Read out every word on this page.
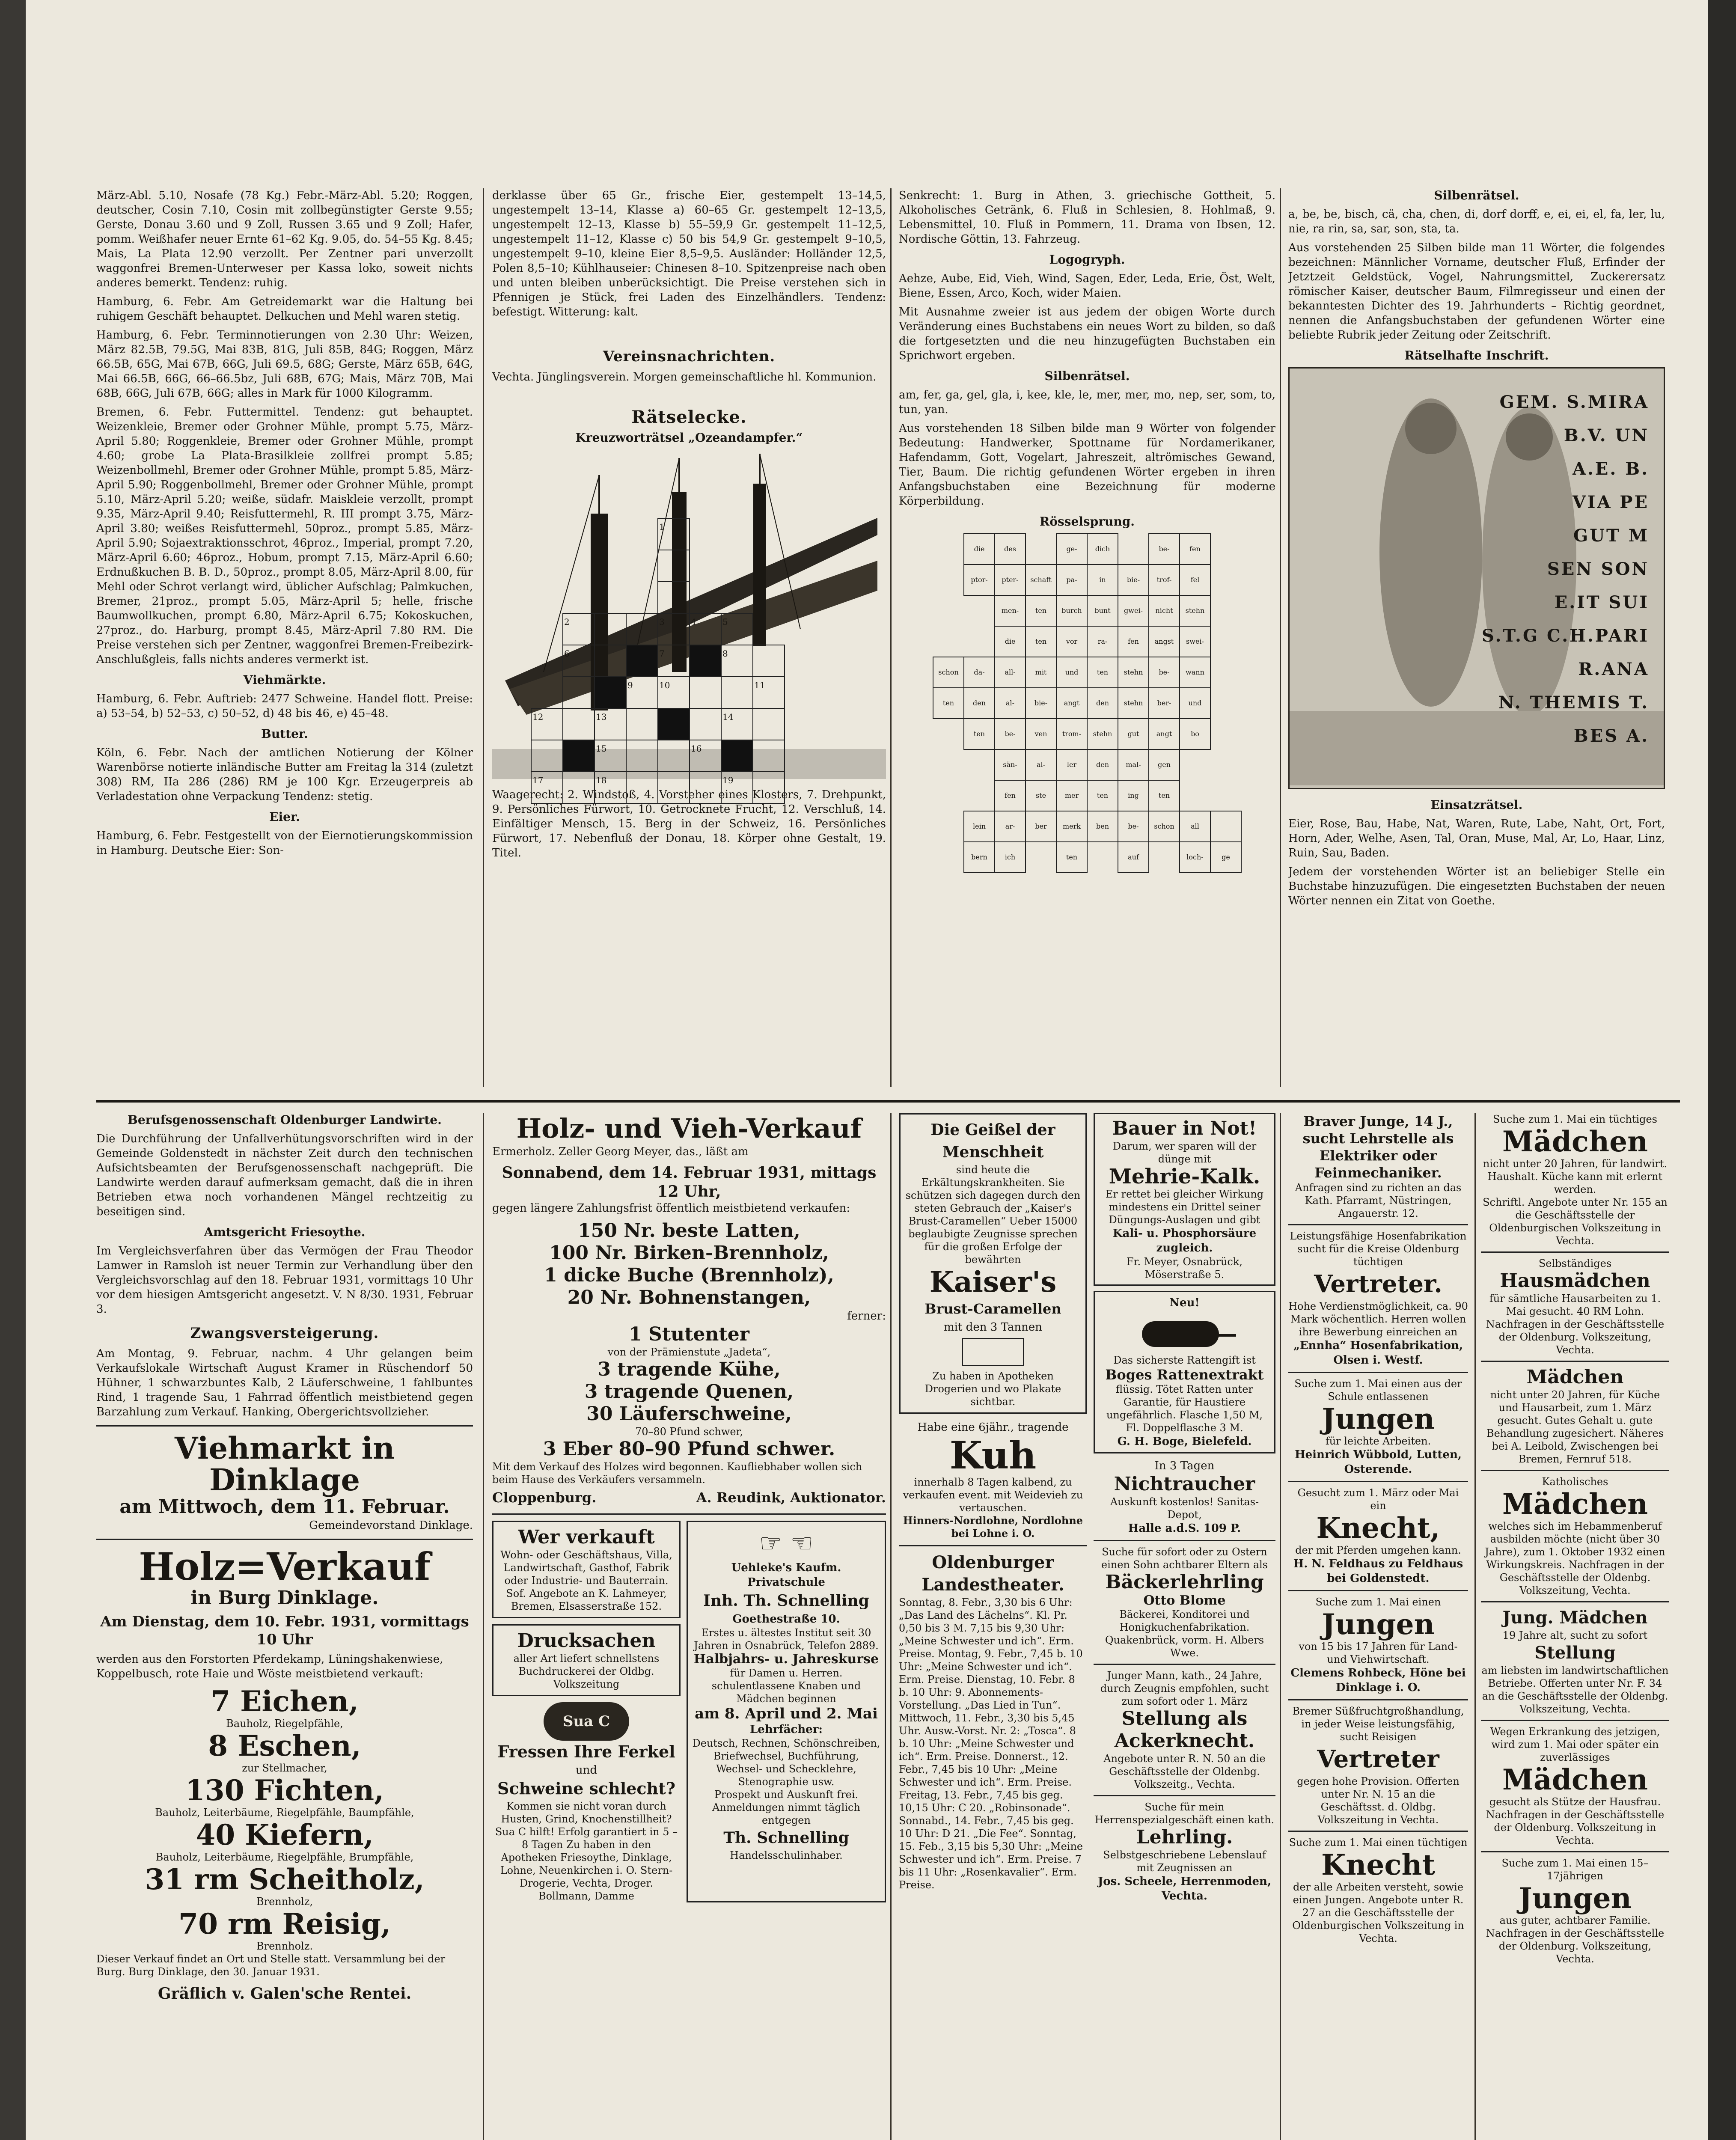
März-Abl. 5.10, Nosafe (78 Kg.) Febr.-März-Abl. 5.20; Roggen, deutscher, Cosin 7.10, Cosin mit zollbegünstigter Gerste 9.55; Gerste, Donau 3.60 und 9 Zoll, Russen 3.65 und 9 Zoll; Hafer, pomm. Weißhafer neuer Ernte 61–62 Kg. 9.05, do. 54–55 Kg. 8.45; Mais, La Plata 12.90 verzollt. Per Zentner pari unverzollt waggonfrei Bremen-Unterweser per Kassa loko, soweit nichts anderes bemerkt. Tendenz: ruhig.

Hamburg, 6. Febr. Am Getreidemarkt war die Haltung bei ruhigem Geschäft behauptet. Delkuchen und Mehl waren stetig.

Hamburg, 6. Febr. Terminnotierungen von 2.30 Uhr: Weizen, März 82.5B, 79.5G, Mai 83B, 81G, Juli 85B, 84G; Roggen, März 66.5B, 65G, Mai 67B, 66G, Juli 69.5, 68G; Gerste, März 65B, 64G, Mai 66.5B, 66G, 66–66.5bz, Juli 68B, 67G; Mais, März 70B, Mai 68B, 66G, Juli 67B, 66G; alles in Mark für 1000 Kilogramm.

Bremen, 6. Febr. Futtermittel. Tendenz: gut behauptet. Weizenkleie, Bremer oder Grohner Mühle, prompt 5.75, März-April 5.80; Roggenkleie, Bremer oder Grohner Mühle, prompt 4.60; grobe La Plata-Brasilkleie zollfrei prompt 5.85; Weizenbollmehl, Bremer oder Grohner Mühle, prompt 5.85, März-April 5.90; Roggenbollmehl, Bremer oder Grohner Mühle, prompt 5.10, März-April 5.20; weiße, südafr. Maiskleie verzollt, prompt 9.35, März-April 9.40; Reisfuttermehl, R. III prompt 3.75, März-April 3.80; weißes Reisfuttermehl, 50proz., prompt 5.85, März-April 5.90; Sojaextraktionsschrot, 46proz., Imperial, prompt 7.20, März-April 6.60; 46proz., Hobum, prompt 7.15, März-April 6.60; Erdnußkuchen B. B. D., 50proz., prompt 8.05, März-April 8.00, für Mehl oder Schrot verlangt wird, üblicher Aufschlag; Palmkuchen, Bremer, 21proz., prompt 5.05, März-April 5; helle, frische Baumwollkuchen, prompt 6.80, März-April 6.75; Kokoskuchen, 27proz., do. Harburg, prompt 8.45, März-April 7.80 RM. Die Preise verstehen sich per Zentner, waggonfrei Bremen-Freibezirk-Anschlußgleis, falls nichts anderes vermerkt ist.

Viehmärkte.

Hamburg, 6. Febr. Auftrieb: 2477 Schweine. Handel flott. Preise: a) 53–54, b) 52–53, c) 50–52, d) 48 bis 46, e) 45–48.

Butter.

Köln, 6. Febr. Nach der amtlichen Notierung der Kölner Warenbörse notierte inländische Butter am Freitag la 314 (zuletzt 308) RM, IIa 286 (286) RM je 100 Kgr. Erzeugerpreis ab Verladestation ohne Verpackung Tendenz: stetig.

Eier.

Hamburg, 6. Febr. Festgestellt von der Eiernotierungskommission in Hamburg. Deutsche Eier: Son-

derklasse über 65 Gr., frische Eier, gestempelt 13–14,5, ungestempelt 13–14, Klasse a) 60–65 Gr. gestempelt 12–13,5, ungestempelt 12–13, Klasse b) 55–59,9 Gr. gestempelt 11–12,5, ungestempelt 11–12, Klasse c) 50 bis 54,9 Gr. gestempelt 9–10,5, ungestempelt 9–10, kleine Eier 8,5–9,5. Ausländer: Holländer 12,5, Polen 8,5–10; Kühlhauseier: Chinesen 8–10. Spitzenpreise nach oben und unten bleiben unberücksichtigt. Die Preise verstehen sich in Pfennigen je Stück, frei Laden des Einzelhändlers. Tendenz: befestigt. Witterung: kalt.

Vereinsnachrichten.

Vechta. Jünglingsverein. Morgen gemeinschaftliche hl. Kommunion.

Rätselecke.
Kreuzworträtsel „Ozeandampfer.“
				1				

	2			3	4	5		
	6			7		8		
			9	10			11	
12		13				14		
		15			16			
17		18				19		

Waagerecht: 2. Windstoß, 4. Vorsteher eines Klosters, 7. Drehpunkt, 9. Persönliches Fürwort, 10. Getrocknete Frucht, 12. Verschluß, 14. Einfältiger Mensch, 15. Berg in der Schweiz, 16. Persönliches Fürwort, 17. Nebenfluß der Donau, 18. Körper ohne Gestalt, 19. Titel.

Senkrecht: 1. Burg in Athen, 3. griechische Gottheit, 5. Alkoholisches Getränk, 6. Fluß in Schlesien, 8. Hohlmaß, 9. Lebensmittel, 10. Fluß in Pommern, 11. Drama von Ibsen, 12. Nordische Göttin, 13. Fahrzeug.

Logogryph.

Aehze, Aube, Eid, Vieh, Wind, Sagen, Eder, Leda, Erie, Öst, Welt, Biene, Essen, Arco, Koch, wider Maien.

Mit Ausnahme zweier ist aus jedem der obigen Worte durch Veränderung eines Buchstabens ein neues Wort zu bilden, so daß die fortgesetzten und die neu hinzugefügten Buchstaben ein Sprichwort ergeben.

Silbenrätsel.

am, fer, ga, gel, gla, i, kee, kle, le, mer, mer, mo, nep, ser, som, to, tun, yan.

Aus vorstehenden 18 Silben bilde man 9 Wörter von folgender Bedeutung: Handwerker, Spottname für Nordamerikaner, Hafendamm, Gott, Vogelart, Jahreszeit, altrömisches Gewand, Tier, Baum. Die richtig gefundenen Wörter ergeben in ihren Anfangsbuchstaben eine Bezeichnung für moderne Körperbildung.

Rösselsprung.
	die	des		ge-	dich		be-	fen	
	ptor-	pter-	schaft	pa-	in	bie-	trof-	fel	
		men-	ten	burch	bunt	gwei-	nicht	stehn	
		die	ten	vor	ra-	fen	angst	swei-	
schon	da-	all-	mit	und	ten	stehn	be-	wann	
ten	den	al-	bie-	angt	den	stehn	ber-	und	
	ten	be-	ven	trom-	stehn	gut	angt	bo	
		sän-	al-	ler	den	mal-	gen		
		fen	ste	mer	ten	ing	ten		
	lein	ar-	ber	merk	ben	be-	schon	all	
	bern	ich		ten		auf		loch-	ge
Silbenrätsel.

a, be, be, bisch, cä, cha, chen, di, dorf dorff, e, ei, ei, el, fa, ler, lu, nie, ra rin, sa, sar, son, sta, ta.

Aus vorstehenden 25 Silben bilde man 11 Wörter, die folgendes bezeichnen: Männlicher Vorname, deutscher Fluß, Erfinder der Jetztzeit Geldstück, Vogel, Nahrungsmittel, Zuckerersatz römischer Kaiser, deutscher Baum, Filmregisseur und einen der bekanntesten Dichter des 19. Jahrhunderts – Richtig geordnet, nennen die Anfangsbuchstaben der gefundenen Wörter eine beliebte Rubrik jeder Zeitung oder Zeitschrift.

Rätselhafte Inschrift.
GEM. S.MIRA
B.V. UN
A.E. B.
VIA PE
GUT M
SEN SON
E.IT SUI
S.T.G C.H.PARI
R.ANA
N. THEMIS T.
BES A.
Einsatzrätsel.

Eier, Rose, Bau, Habe, Nat, Waren, Rute, Labe, Naht, Ort, Fort, Horn, Ader, Welhe, Asen, Tal, Oran, Muse, Mal, Ar, Lo, Haar, Linz, Ruin, Sau, Baden.

Jedem der vorstehenden Wörter ist an beliebiger Stelle ein Buchstabe hinzuzufügen. Die eingesetzten Buchstaben der neuen Wörter nennen ein Zitat von Goethe.

Berufsgenossenschaft Oldenburger Landwirte.

Die Durchführung der Unfallverhütungsvorschriften wird in der Gemeinde Goldenstedt in nächster Zeit durch den technischen Aufsichtsbeamten der Berufsgenossenschaft nachgeprüft. Die Landwirte werden darauf aufmerksam gemacht, daß die in ihren Betrieben etwa noch vorhandenen Mängel rechtzeitig zu beseitigen sind.

Amtsgericht Friesoythe.

Im Vergleichsverfahren über das Vermögen der Frau Theodor Lamwer in Ramsloh ist neuer Termin zur Verhandlung über den Vergleichsvorschlag auf den 18. Februar 1931, vormittags 10 Uhr vor dem hiesigen Amtsgericht angesetzt. V. N 8/30. 1931, Februar 3.

Zwangsversteigerung.

Am Montag, 9. Februar, nachm. 4 Uhr gelangen beim Verkaufslokale Wirtschaft August Kramer in Rüschendorf 50 Hühner, 1 schwarzbuntes Kalb, 2 Läuferschweine, 1 fahlbuntes Rind, 1 tragende Sau, 1 Fahrrad öffentlich meistbietend gegen Barzahlung zum Verkauf. Hanking, Obergerichtsvollzieher.

Viehmarkt in Dinklage
am Mittwoch, dem 11. Februar.
Gemeindevorstand Dinklage.
Holz=Verkauf
in Burg Dinklage.
Am Dienstag, dem 10. Febr. 1931, vormittags 10 Uhr

werden aus den Forstorten Pferdekamp, Lüningshakenwiese, Koppelbusch, rote Haie und Wöste meistbietend verkauft:

7 Eichen,
Bauholz, Riegelpfähle,
8 Eschen,
zur Stellmacher,
130 Fichten,
Bauholz, Leiterbäume, Riegelpfähle, Baumpfähle,
40 Kiefern,
Bauholz, Leiterbäume, Riegelpfähle, Brumpfähle,
31 rm Scheitholz,
Brennholz,
70 rm Reisig,
Brennholz.

Dieser Verkauf findet an Ort und Stelle statt. Versammlung bei der Burg. Burg Dinklage, den 30. Januar 1931.

Gräflich v. Galen'sche Rentei.
Holz- und Vieh-Verkauf

Ermerholz. Zeller Georg Meyer, das., läßt am

Sonnabend, dem 14. Februar 1931, mittags 12 Uhr,

gegen längere Zahlungsfrist öffentlich meistbietend verkaufen:

150 Nr. beste Latten,
100 Nr. Birken-Brennholz,
1 dicke Buche (Brennholz),
20 Nr. Bohnenstangen,
ferner:
1 Stutenter
von der Prämienstute „Jadeta“,
3 tragende Kühe,
3 tragende Quenen,
30 Läuferschweine,
70–80 Pfund schwer,
3 Eber 80–90 Pfund schwer.

Mit dem Verkauf des Holzes wird begonnen. Kaufliebhaber wollen sich beim Hause des Verkäufers versammeln.

Cloppenburg.	A. Reudink, Auktionator.
Wer verkauft
Wohn- oder Geschäftshaus, Villa, Landwirtschaft, Gasthof, Fabrik oder Industrie- und Bauterrain. Sof. Angebote an K. Lahmeyer, Bremen, Elsasserstraße 152.
Drucksachen
aller Art liefert schnellstens Buchdruckerei der Oldbg. Volkszeitung
Sua C
Fressen Ihre Ferkel
und
Schweine schlecht?
Kommen sie nicht voran durch Husten, Grind, Knochenstillheit? Sua C hilft! Erfolg garantiert in 5 – 8 Tagen Zu haben in den Apotheken Friesoythe, Dinklage, Lohne, Neuenkirchen i. O. Stern-Drogerie, Vechta, Droger. Bollmann, Damme
☞ ☜
Uehleke's Kaufm. Privatschule
Inh. Th. Schnelling
Goethestraße 10.
Erstes u. ältestes Institut seit 30 Jahren in Osnabrück, Telefon 2889.
Halbjahrs- u. Jahreskurse
für Damen u. Herren. schulentlassene Knaben und Mädchen beginnen
am 8. April und 2. Mai
Lehrfächer:
Deutsch, Rechnen, Schönschreiben, Briefwechsel, Buchführung, Wechsel- und Schecklehre, Stenographie usw.
Prospekt und Auskunft frei.
Anmeldungen nimmt täglich entgegen
Th. Schnelling
Handelsschulinhaber.
Die Geißel der Menschheit
sind heute die Erkältungskrankheiten. Sie schützen sich dagegen durch den steten Gebrauch der „Kaiser's Brust-Caramellen“ Ueber 15000 beglaubigte Zeugnisse sprechen für die großen Erfolge der bewährten
Kaiser's
Brust-Caramellen
mit den 3 Tannen
Zu haben in Apotheken Drogerien und wo Plakate sichtbar.
Habe eine 6jähr., tragende
Kuh
innerhalb 8 Tagen kalbend, zu verkaufen event. mit Weidevieh zu vertauschen.
Hinners-Nordlohne, Nordlohne bei Lohne i. O.
Oldenburger Landestheater.
Sonntag, 8. Febr., 3,30 bis 6 Uhr: „Das Land des Lächelns“. Kl. Pr. 0,50 bis 3 M. 7,15 bis 9,30 Uhr: „Meine Schwester und ich“. Erm. Preise. Montag, 9. Febr., 7,45 b. 10 Uhr: „Meine Schwester und ich“. Erm. Preise. Dienstag, 10. Febr. 8 b. 10 Uhr: 9. Abonnements-Vorstellung. „Das Lied in Tun“. Mittwoch, 11. Febr., 3,30 bis 5,45 Uhr. Ausw.-Vorst. Nr. 2: „Tosca“. 8 b. 10 Uhr: „Meine Schwester und ich“. Erm. Preise. Donnerst., 12. Febr., 7,45 bis 10 Uhr: „Meine Schwester und ich“. Erm. Preise. Freitag, 13. Febr., 7,45 bis geg. 10,15 Uhr: C 20. „Robinsonade“. Sonnabd., 14. Febr., 7,45 bis geg. 10 Uhr: D 21. „Die Fee“. Sonntag, 15. Feb., 3,15 bis 5,30 Uhr: „Meine Schwester und ich“. Erm. Preise. 7 bis 11 Uhr: „Rosenkavalier“. Erm. Preise.
Bauer in Not!
Darum, wer sparen will der dünge mit
Mehrie-Kalk.
Er rettet bei gleicher Wirkung mindestens ein Drittel seiner Düngungs-Auslagen und gibt
Kali- u. Phosphorsäure zugleich.
Fr. Meyer, Osnabrück, Möserstraße 5.
Neu!
Das sicherste Rattengift ist
Boges Rattenextrakt
flüssig. Tötet Ratten unter Garantie, für Haustiere ungefährlich. Flasche 1,50 M, Fl. Doppelflasche 3 M.
G. H. Boge, Bielefeld.
In 3 Tagen
Nichtraucher
Auskunft kostenlos! Sanitas-Depot,
Halle a.d.S. 109 P.
Suche für sofort oder zu Ostern einen Sohn achtbarer Eltern als
Bäckerlehrling
Otto Blome
Bäckerei, Konditorei und Honigkuchenfabrikation.
Quakenbrück, vorm. H. Albers Wwe.
Junger Mann, kath., 24 Jahre, durch Zeugnis empfohlen, sucht zum sofort oder 1. März
Stellung als Ackerknecht.
Angebote unter R. N. 50 an die Geschäftsstelle der Oldenbg. Volkszeitg., Vechta.
Suche für mein Herrenspezialgeschäft einen kath.
Lehrling.
Selbstgeschriebene Lebenslauf mit Zeugnissen an
Jos. Scheele, Herrenmoden, Vechta.
Braver Junge, 14 J., sucht Lehrstelle als Elektriker oder Feinmechaniker.
Anfragen sind zu richten an das Kath. Pfarramt, Nüstringen, Angauerstr. 12.
Leistungsfähige Hosenfabrikation sucht für die Kreise Oldenburg tüchtigen
Vertreter.
Hohe Verdienstmöglichkeit, ca. 90 Mark wöchentlich. Herren wollen ihre Bewerbung einreichen an
„Ennha“ Hosenfabrikation, Olsen i. Westf.
Suche zum 1. Mai einen aus der Schule entlassenen
Jungen
für leichte Arbeiten.
Heinrich Wübbold, Lutten, Osterende.
Gesucht zum 1. März oder Mai ein
Knecht,
der mit Pferden umgehen kann.
H. N. Feldhaus zu Feldhaus bei Goldenstedt.
Suche zum 1. Mai einen
Jungen
von 15 bis 17 Jahren für Land- und Viehwirtschaft.
Clemens Rohbeck, Höne bei Dinklage i. O.
Bremer Süßfruchtgroßhandlung, in jeder Weise leistungsfähig, sucht Reisigen
Vertreter
gegen hohe Provision. Offerten unter Nr. N. 15 an die Geschäftsst. d. Oldbg. Volkszeitung in Vechta.
Suche zum 1. Mai einen tüchtigen
Knecht
der alle Arbeiten versteht, sowie einen Jungen. Angebote unter R. 27 an die Geschäftsstelle der Oldenburgischen Volkszeitung in Vechta.
Suche zum 1. Mai ein tüchtiges
Mädchen
nicht unter 20 Jahren, für landwirt. Haushalt. Küche kann mit erlernt werden.
Schriftl. Angebote unter Nr. 155 an die Geschäftsstelle der Oldenburgischen Volkszeitung in Vechta.
Selbständiges
Hausmädchen
für sämtliche Hausarbeiten zu 1. Mai gesucht. 40 RM Lohn. Nachfragen in der Geschäftsstelle der Oldenburg. Volkszeitung, Vechta.
Mädchen
nicht unter 20 Jahren, für Küche und Hausarbeit, zum 1. März gesucht. Gutes Gehalt u. gute Behandlung zugesichert. Näheres bei A. Leibold, Zwischengen bei Bremen, Fernruf 518.
Katholisches
Mädchen
welches sich im Hebammenberuf ausbilden möchte (nicht über 30 Jahre), zum 1. Oktober 1932 einen Wirkungskreis. Nachfragen in der Geschäftsstelle der Oldenbg. Volkszeitung, Vechta.
Jung. Mädchen
19 Jahre alt, sucht zu sofort
Stellung
am liebsten im landwirtschaftlichen Betriebe. Offerten unter Nr. F. 34 an die Geschäftsstelle der Oldenbg. Volkszeitung, Vechta.
Wegen Erkrankung des jetzigen, wird zum 1. Mai oder später ein zuverlässiges
Mädchen
gesucht als Stütze der Hausfrau. Nachfragen in der Geschäftsstelle der Oldenburg. Volkszeitung in Vechta.
Suche zum 1. Mai einen 15–17jährigen
Jungen
aus guter, achtbarer Familie. Nachfragen in der Geschäftsstelle der Oldenburg. Volkszeitung, Vechta.
